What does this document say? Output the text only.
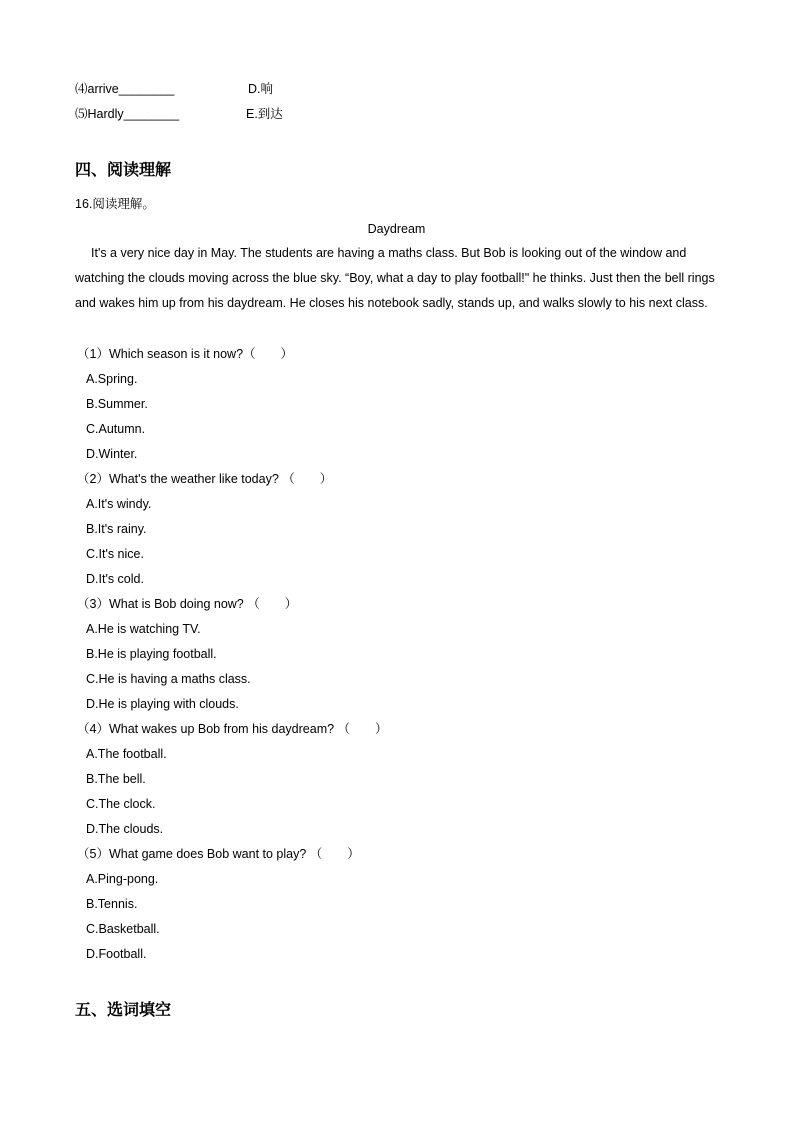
⑷arrive________	D.响
⑸Hardly________	E.到达
四、阅读理解
16.阅读理解。
Daydream
It's a very nice day in May. The students are having a maths class. But Bob is looking out of the window and watching the clouds moving across the blue sky. “Boy, what a day to play football!" he thinks. Just then the bell rings and wakes him up from his daydream. He closes his notebook sadly, stands up, and walks slowly to his next class.
（1）Which season is it now?（　　）
A.Spring.
B.Summer.
C.Autumn.
D.Winter.
（2）What's the weather like today? （　　）
A.It's windy.
B.It's rainy.
C.It's nice.
D.It's cold.
（3）What is Bob doing now? （　　）
A.He is watching TV.
B.He is playing football.
C.He is having a maths class.
D.He is playing with clouds.
（4）What wakes up Bob from his daydream? （　　）
A.The football.
B.The bell.
C.The clock.
D.The clouds.
（5）What game does Bob want to play? （　　）
A.Ping-pong.
B.Tennis.
C.Basketball.
D.Football.
五、选词填空
